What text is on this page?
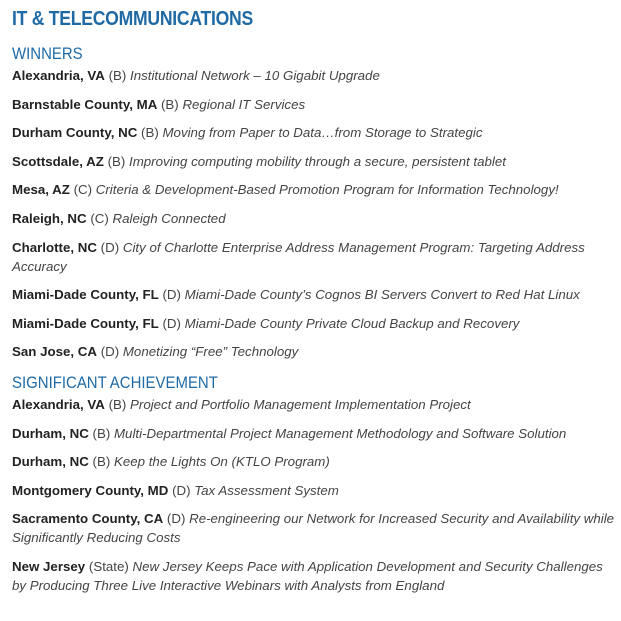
IT & TELECOMMUNICATIONS
WINNERS
Alexandria, VA (B) Institutional Network – 10 Gigabit Upgrade
Barnstable County, MA (B) Regional IT Services
Durham County, NC (B) Moving from Paper to Data…from Storage to Strategic
Scottsdale, AZ (B) Improving computing mobility through a secure, persistent tablet
Mesa, AZ (C) Criteria & Development-Based Promotion Program for Information Technology!
Raleigh, NC (C) Raleigh Connected
Charlotte, NC (D) City of Charlotte Enterprise Address Management Program: Targeting Address Accuracy
Miami-Dade County, FL (D) Miami-Dade County’s Cognos BI Servers Convert to Red Hat Linux
Miami-Dade County, FL (D) Miami-Dade County Private Cloud Backup and Recovery
San Jose, CA (D) Monetizing “Free” Technology
SIGNIFICANT ACHIEVEMENT
Alexandria, VA (B) Project and Portfolio Management Implementation Project
Durham, NC (B) Multi-Departmental Project Management Methodology and Software Solution
Durham, NC (B) Keep the Lights On (KTLO Program)
Montgomery County, MD (D) Tax Assessment System
Sacramento County, CA (D) Re-engineering our Network for Increased Security and Availability while Significantly Reducing Costs
New Jersey (State) New Jersey Keeps Pace with Application Development and Security Challenges by Producing Three Live Interactive Webinars with Analysts from England
